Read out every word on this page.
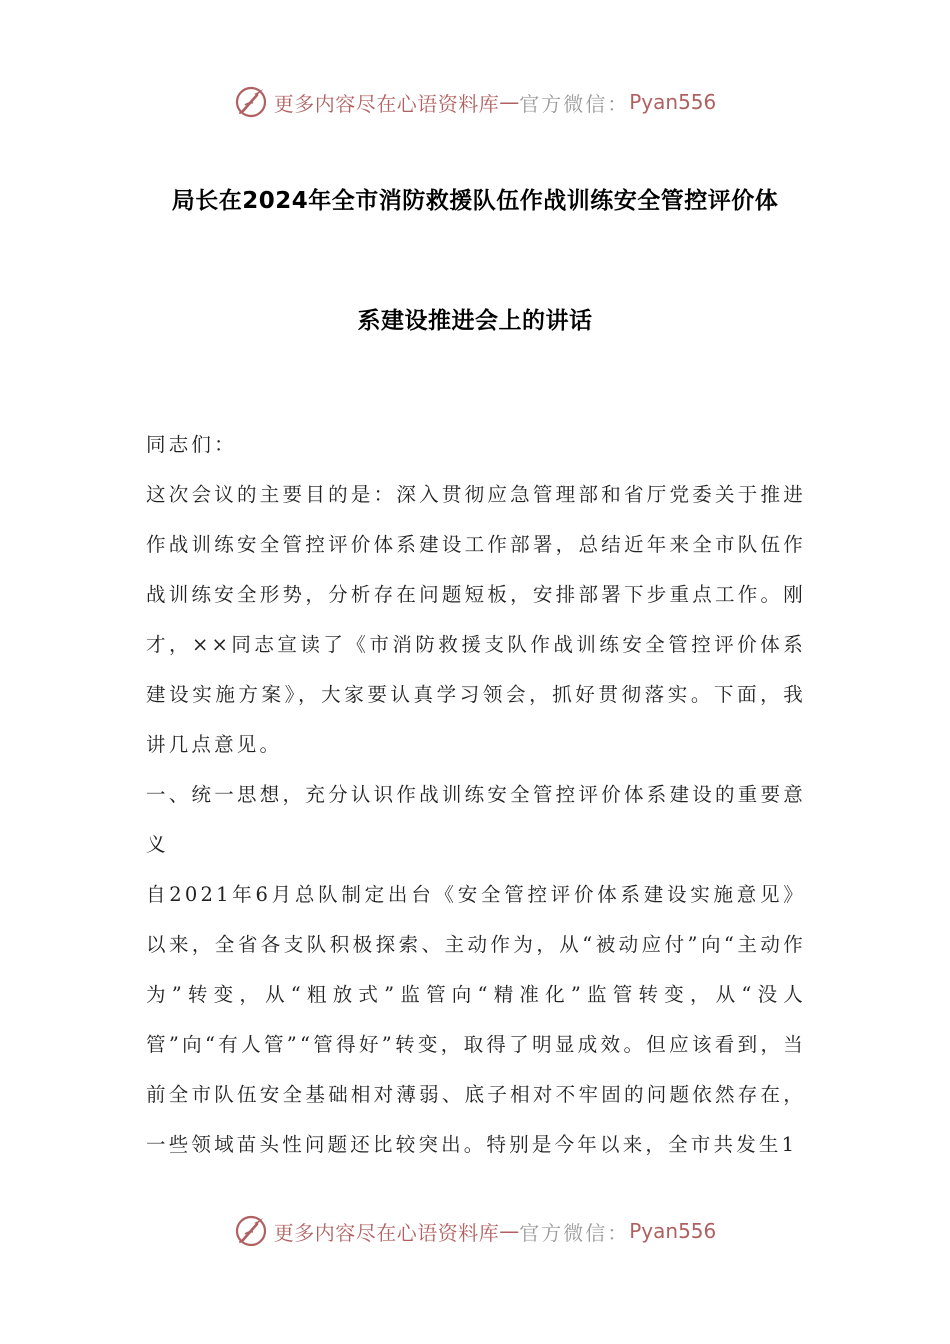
更多内容尽在心语资料库 — 官方微信： Pyan556
局长在2024年全市消防救援队伍作战训练安全管控评价体
系建设推进会上的讲话

同志们：

这次会议的主要目的是：深入贯彻应急管理部和省厅党委关于推进作战训练安全管控评价体系建设工作部署，总结近年来全市队伍作战训练安全形势，分析存在问题短板，安排部署下步重点工作。刚才，××同志宣读了《市消防救援支队作战训练安全管控评价体系建设实施方案》，大家要认真学习领会，抓好贯彻落实。下面，我讲几点意见。

一、统一思想，充分认识作战训练安全管控评价体系建设的重要意义

自2021年6月总队制定出台《安全管控评价体系建设实施意见》以来，全省各支队积极探索、主动作为，从“被动应付”向“主动作为”转变，从“粗放式”监管向“精准化”监管转变，从“没人管”向“有人管”“管得好”转变，取得了明显成效。但应该看到，当前全市队伍安全基础相对薄弱、底子相对不牢固的问题依然存在，一些领域苗头性问题还比较突出。特别是今年以来，全市共发生1

更多内容尽在心语资料库 — 官方微信： Pyan556
